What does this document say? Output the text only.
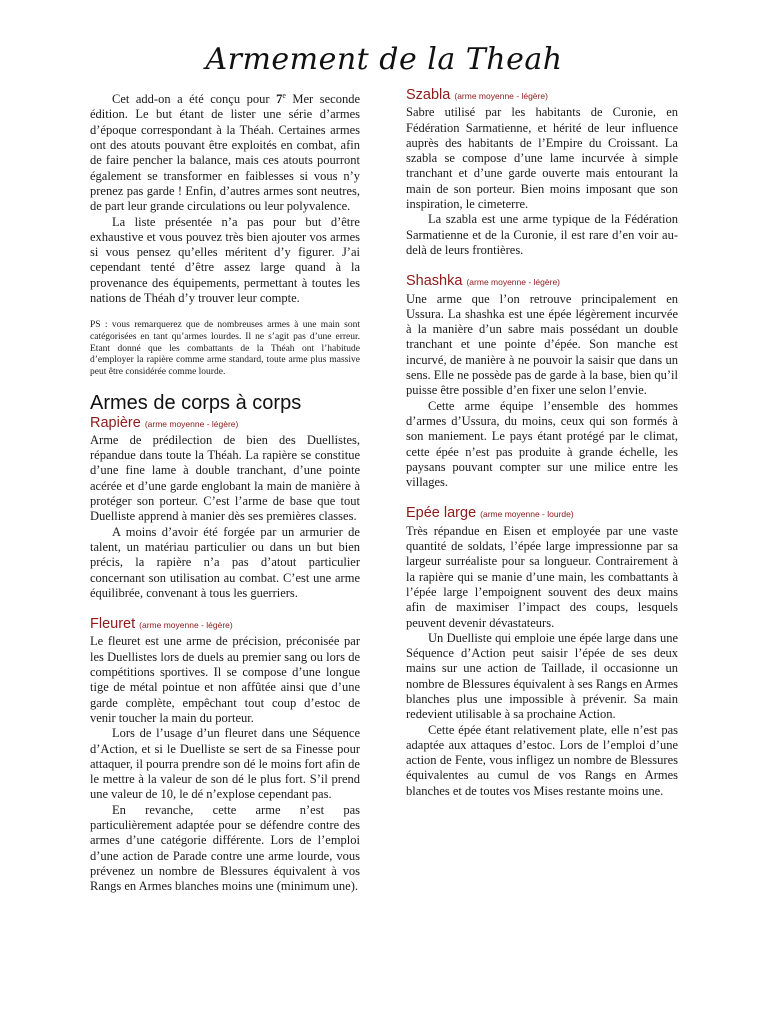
Armement de la Theah

Cet add-on a été conçu pour 7e Mer seconde édition. Le but étant de lister une série d’armes d’époque correspondant à la Théah. Certaines armes ont des atouts pouvant être exploités en combat, afin de faire pencher la balance, mais ces atouts pourront également se transformer en faiblesses si vous n’y prenez pas garde ! Enfin, d’autres armes sont neutres, de part leur grande circulations ou leur polyvalence.

La liste présentée n’a pas pour but d’être exhaustive et vous pouvez très bien ajouter vos armes si vous pensez qu’elles méritent d’y figurer. J’ai cependant tenté d’être assez large quand à la provenance des équipements, permettant à toutes les nations de Théah d’y trouver leur compte.

PS : vous remarquerez que de nombreuses armes à une main sont catégorisées en tant qu’armes lourdes. Il ne s’agit pas d’une erreur. Etant donné que les combattants de la Théah ont l’habitude d’employer la rapière comme arme standard, toute arme plus massive peut être considérée comme lourde.

Armes de corps à corps
Rapière (arme moyenne - légère)

Arme de prédilection de bien des Duellistes, répandue dans toute la Théah. La rapière se constitue d’une fine lame à double tranchant, d’une pointe acérée et d’une garde englobant la main de manière à protéger son porteur. C’est l’arme de base que tout Duelliste apprend à manier dès ses premières classes.

A moins d’avoir été forgée par un armurier de talent, un matériau particulier ou dans un but bien précis, la rapière n’a pas d’atout particulier concernant son utilisation au combat. C’est une arme équilibrée, convenant à tous les guerriers.

Fleuret (arme moyenne - légère)

Le fleuret est une arme de précision, préconisée par les Duellistes lors de duels au premier sang ou lors de compétitions sportives. Il se compose d’une longue tige de métal pointue et non affûtée ainsi que d’une garde complète, empêchant tout coup d’estoc de venir toucher la main du porteur.

Lors de l’usage d’un fleuret dans une Séquence d’Action, et si le Duelliste se sert de sa Finesse pour attaquer, il pourra prendre son dé le moins fort afin de le mettre à la valeur de son dé le plus fort. S’il prend une valeur de 10, le dé n’explose cependant pas.

En revanche, cette arme n’est pas particulièrement adaptée pour se défendre contre des armes d’une catégorie différente. Lors de l’emploi d’une action de Parade contre une arme lourde, vous prévenez un nombre de Blessures équivalent à vos Rangs en Armes blanches moins une (minimum une).

Szabla (arme moyenne - légère)

Sabre utilisé par les habitants de Curonie, en Fédération Sarmatienne, et hérité de leur influence auprès des habitants de l’Empire du Croissant. La szabla se compose d’une lame incurvée à simple tranchant et d’une garde ouverte mais entourant la main de son porteur. Bien moins imposant que son inspiration, le cimeterre.

La szabla est une arme typique de la Fédération Sarmatienne et de la Curonie, il est rare d’en voir au-delà de leurs frontières.

Shashka (arme moyenne - légère)

Une arme que l’on retrouve principalement en Ussura. La shashka est une épée légèrement incurvée à la manière d’un sabre mais possédant un double tranchant et une pointe d’épée. Son manche est incurvé, de manière à ne pouvoir la saisir que dans un sens. Elle ne possède pas de garde à la base, bien qu’il puisse être possible d’en fixer une selon l’envie.

Cette arme équipe l’ensemble des hommes d’armes d’Ussura, du moins, ceux qui son formés à son maniement. Le pays étant protégé par le climat, cette épée n’est pas produite à grande échelle, les paysans pouvant compter sur une milice entre les villages.

Epée large (arme moyenne - lourde)

Très répandue en Eisen et employée par une vaste quantité de soldats, l’épée large impressionne par sa largeur surréaliste pour sa longueur. Contrairement à la rapière qui se manie d’une main, les combattants à l’épée large l’empoignent souvent des deux mains afin de maximiser l’impact des coups, lesquels peuvent devenir dévastateurs.

Un Duelliste qui emploie une épée large dans une Séquence d’Action peut saisir l’épée de ses deux mains sur une action de Taillade, il occasionne un nombre de Blessures équivalent à ses Rangs en Armes blanches plus une impossible à prévenir. Sa main redevient utilisable à sa prochaine Action.

Cette épée étant relativement plate, elle n’est pas adaptée aux attaques d’estoc. Lors de l’emploi d’une action de Fente, vous infligez un nombre de Blessures équivalentes au cumul de vos Rangs en Armes blanches et de toutes vos Mises restante moins une.
